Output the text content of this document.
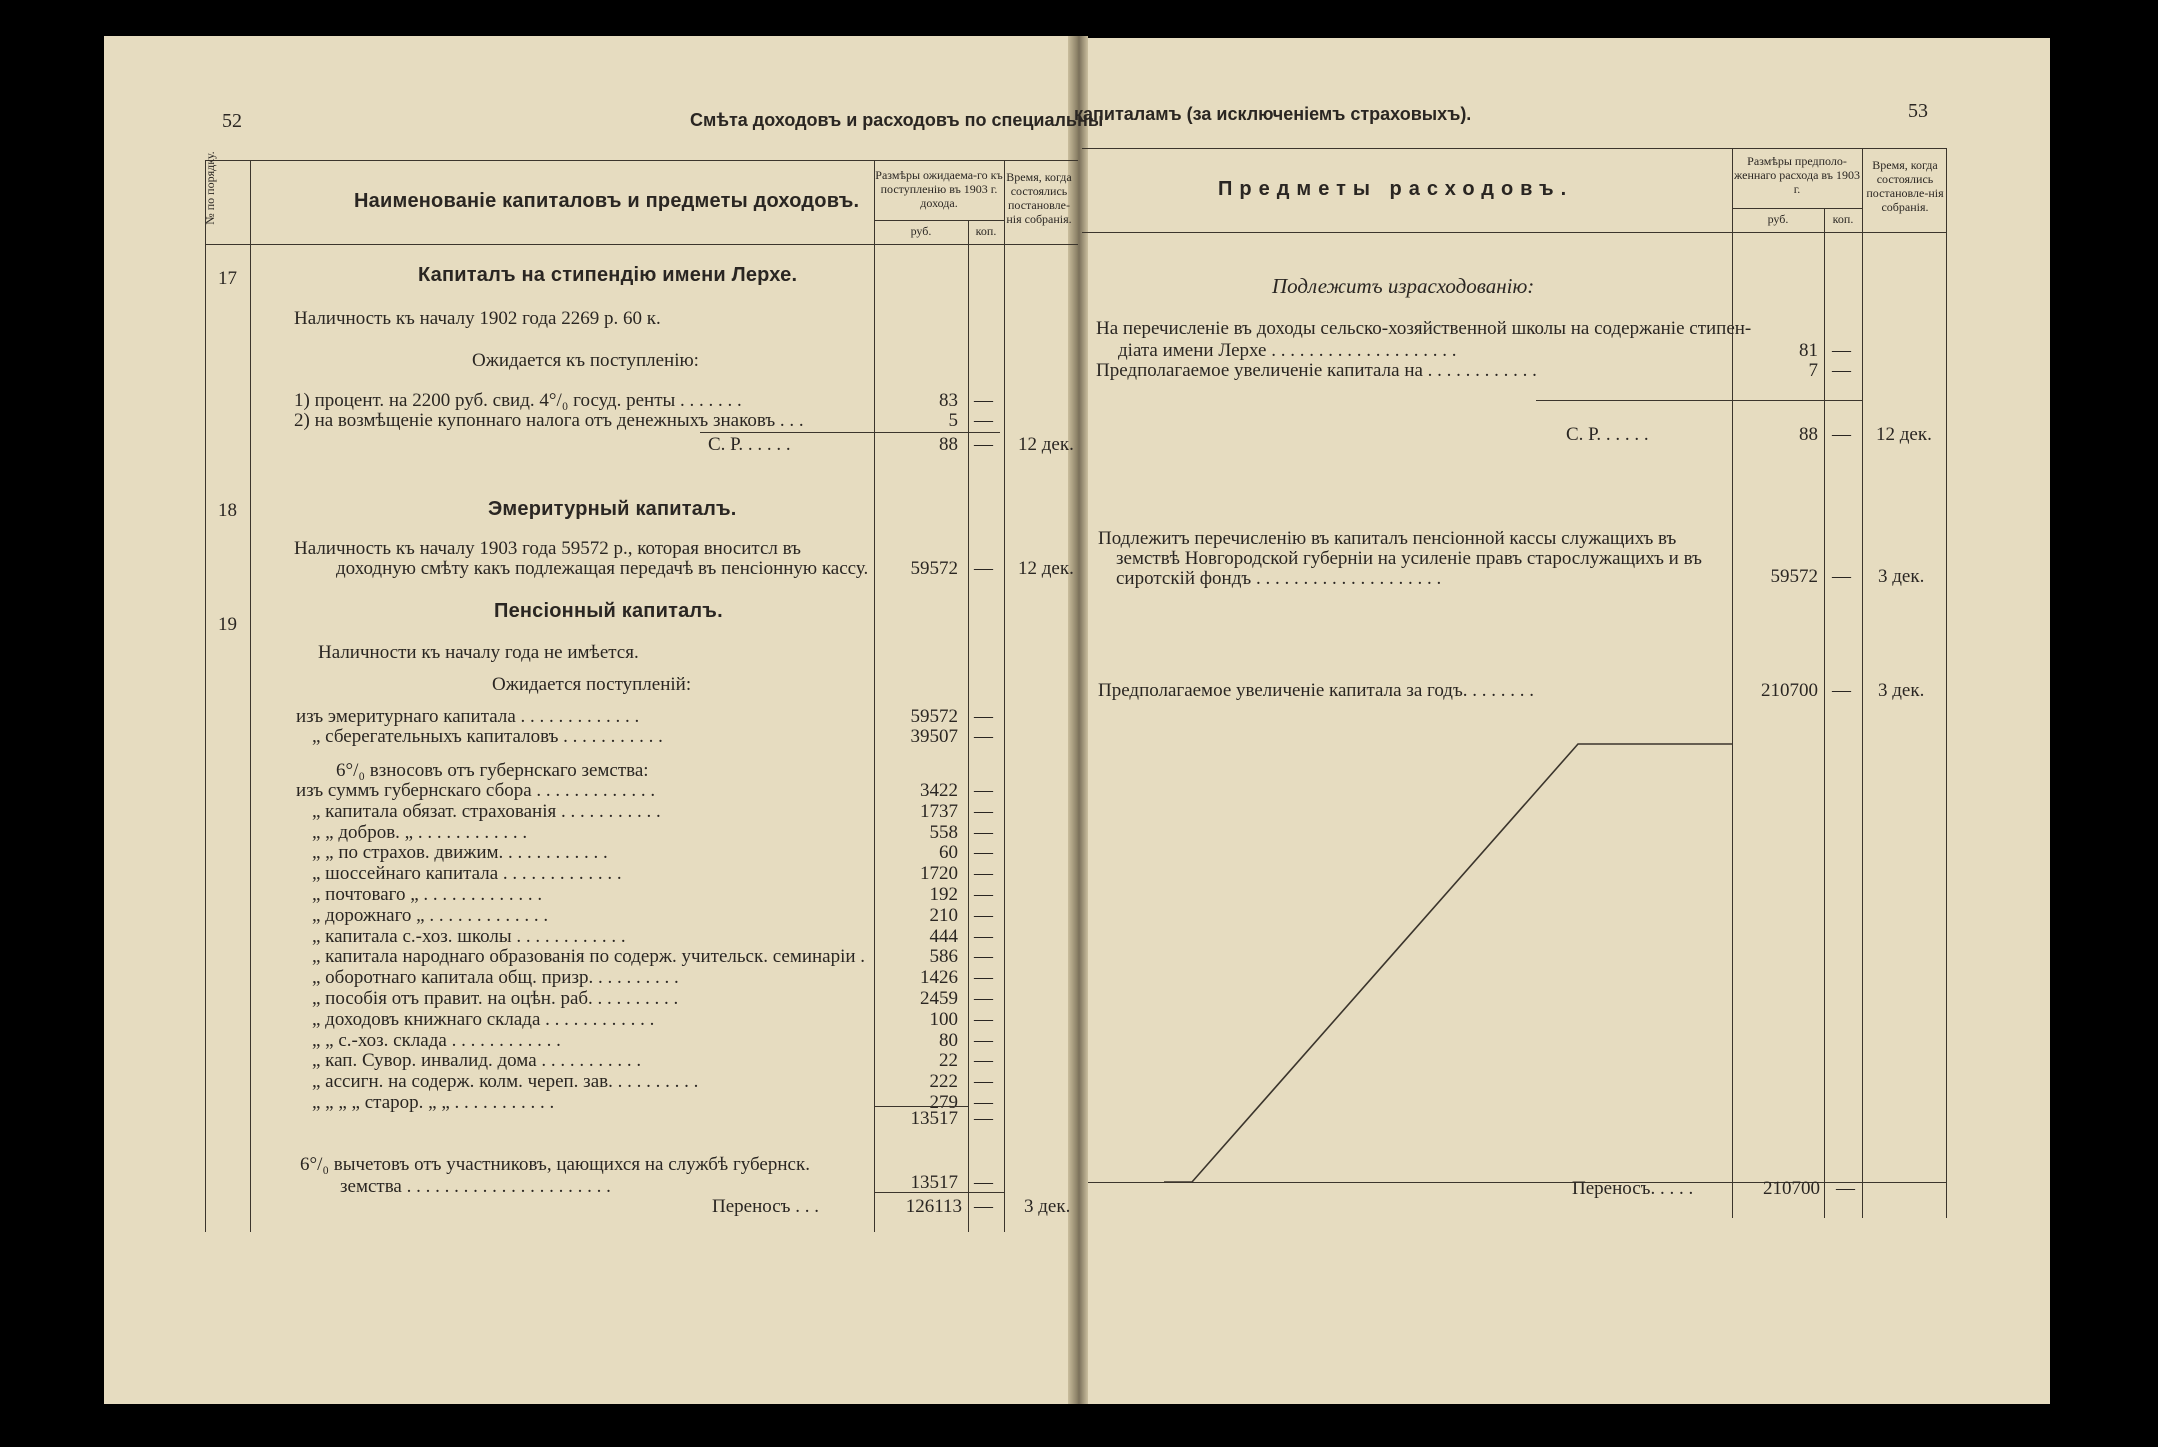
52	Смѣта доходовъ и расходовъ по специальны
капиталамъ (за исключеніемъ страховыхъ).	53
№ по порядку.	Наименованіе капиталовъ и предметы доходовъ.
Размѣры ожидаема-го къ поступленію въ 1903 г. дохода.
руб.	коп.
Время, когда состоялись постановле-нія собранія.
17	Капиталъ на стипендію имени Лерхе.
Наличность къ началу 1902 года 2269 р. 60 к.
Ожидается къ поступленію:
1) процент. на 2200 руб. свид. 4°/₀ госуд. ренты . . . . . . .	83 —
2) на возмѣщеніе купоннаго налога отъ денежныхъ знаковъ . . .	5 —
С. Р. . . . . .	88 — 12 дек.
18	Эмеритурный капиталъ.
Наличность къ началу 1903 года 59572 р., которая вноситсл въ
доходную смѣту какъ подлежащая передачѣ въ пенсіонную кассу.	59572 — 12 дек.
Пенсіонный капиталъ.
19
Наличности къ началу года не имѣется.
Ожидается поступленій:
изъ эмеритурнаго капитала . . . . . . . . . . . . .	59572 —
„ сберегательныхъ капиталовъ . . . . . . . . . . .	39507 —
6°/₀ взносовъ отъ губернскаго земства:
изъ суммъ губернскаго сбора . . . . . . . . . . . . .	3422 —
„ капитала обязат. страхованія . . . . . . . . . . .	1737 —
„ „ добров. „ . . . . . . . . . . . .	558 —
„ „ по страхов. движим. . . . . . . . . . . .	60 —
„ шоссейнаго капитала . . . . . . . . . . . . .	1720 —
„ почтоваго „ . . . . . . . . . . . . .	192 —
„ дорожнаго „ . . . . . . . . . . . . .	210 —
„ капитала с.-хоз. школы . . . . . . . . . . . .	444 —
„ капитала народнаго образованія по содерж. учительск. семинаріи .	586 —
„ оборотнаго капитала общ. призр. . . . . . . . . .	1426 —
„ пособія отъ правит. на оцѣн. раб. . . . . . . . . .	2459 —
„ доходовъ книжнаго склада . . . . . . . . . . . .	100 —
„ „ с.-хоз. склада . . . . . . . . . . . .	80 —
„ кап. Сувор. инвалид. дома . . . . . . . . . . .	22 —
„ ассигн. на содерж. колм. череп. зав. . . . . . . . . .	222 —
„ „ „ „ старор. „ „ . . . . . . . . . . .	279 —
13517 —
6°/₀ вычетовъ отъ участниковъ, цающихся на службѣ губернск.
земства . . . . . . . . . . . . . . . . . . . . . .	13517 —
Переносъ . . .	126113 — 3 дек.
Предметы расходовъ.
Размѣры предполо-женнаго расхода въ 1903 г.
руб.	коп.
Время, когда состоялись постановле-нія собранія.
Подлежитъ израсходованію:
На перечисленіе въ доходы сельско-хозяйственной школы на содержаніе стипен-
діата имени Лерхе . . . . . . . . . . . . . . . . . . . .	81 —
Предполагаемое увеличеніе капитала на . . . . . . . . . . . .	7 —
С. Р. . . . . .	88 — 12 дек.
Подлежитъ перечисленію въ капиталъ пенсіонной кассы служащихъ въ
земствѣ Новгородской губерніи на усиленіе правъ старослужащихъ и въ
сиротскій фондъ . . . . . . . . . . . . . . . . . . . .	59572 — 3 дек.
Предполагаемое увеличеніе капитала за годъ. . . . . . . .	210700 — 3 дек.
Переносъ. . . . .	210700 —
